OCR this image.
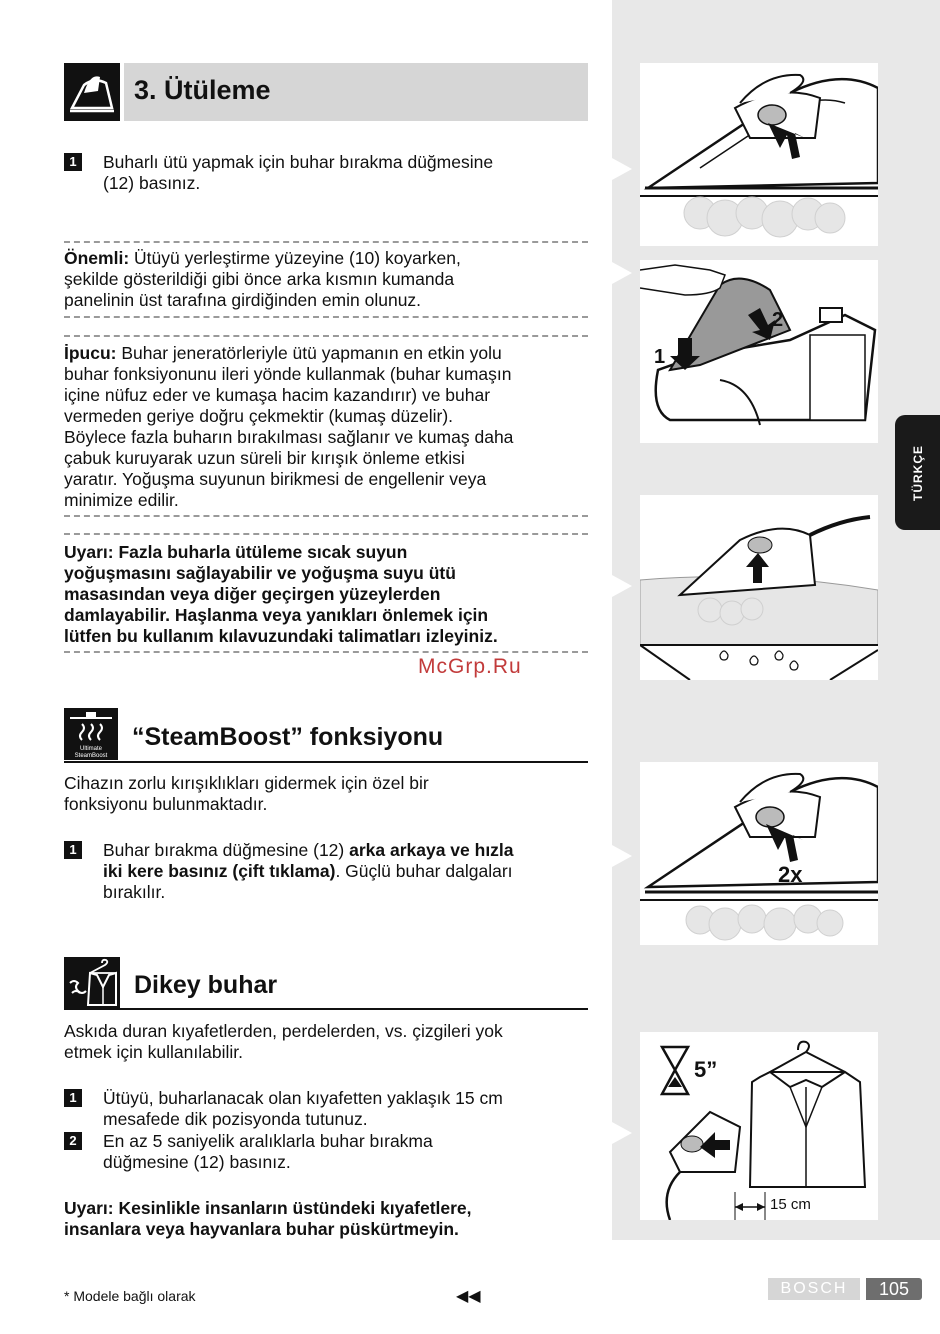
1
2
2x
5”
15 cm
TÜRKÇE
3. Ütüleme
1	Buharlı ütü yapmak için buhar bırakma düğmesine
(12) basınız.
Önemli: Ütüyü yerleştirme yüzeyine (10) koyarken,
şekilde gösterildiği gibi önce arka kısmın kumanda
panelinin üst tarafına girdiğinden emin olunuz.
İpucu: Buhar jeneratörleriyle ütü yapmanın en etkin yolu
buhar fonksiyonunu ileri yönde kullanmak (buhar kumaşın
içine nüfuz eder ve kumaşa hacim kazandırır) ve buhar
vermeden geriye doğru çekmektir (kumaş düzelir).
Böylece fazla buharın bırakılması sağlanır ve kumaş daha
çabuk kuruyarak uzun süreli bir kırışık önleme etkisi
yaratır. Yoğuşma suyunun birikmesi de engellenir veya
minimize edilir.
Uyarı: Fazla buharla ütüleme sıcak suyun
yoğuşmasını sağlayabilir ve yoğuşma suyu ütü
masasından veya diğer geçirgen yüzeylerden
damlayabilir. Haşlanma veya yanıkları önlemek için
lütfen bu kullanım kılavuzundaki talimatları izleyiniz.
McGrp.Ru
Ultimate
SteamBoost
“SteamBoost” fonksiyonu
Cihazın zorlu kırışıklıkları gidermek için özel bir
fonksiyonu bulunmaktadır.
1	Buhar bırakma düğmesine (12) arka arkaya ve hızla
iki kere basınız (çift tıklama). Güçlü buhar dalgaları
bırakılır.
Dikey buhar
Askıda duran kıyafetlerden, perdelerden, vs. çizgileri yok
etmek için kullanılabilir.
1	Ütüyü, buharlanacak olan kıyafetten yaklaşık 15 cm
mesafede dik pozisyonda tutunuz.
2	En az 5 saniyelik aralıklarla buhar bırakma
düğmesine (12) basınız.
Uyarı: Kesinlikle insanların üstündeki kıyafetlere,
insanlara veya hayvanlara buhar püskürtmeyin.
* Modele bağlı olarak	◀◀	BOSCH	105
